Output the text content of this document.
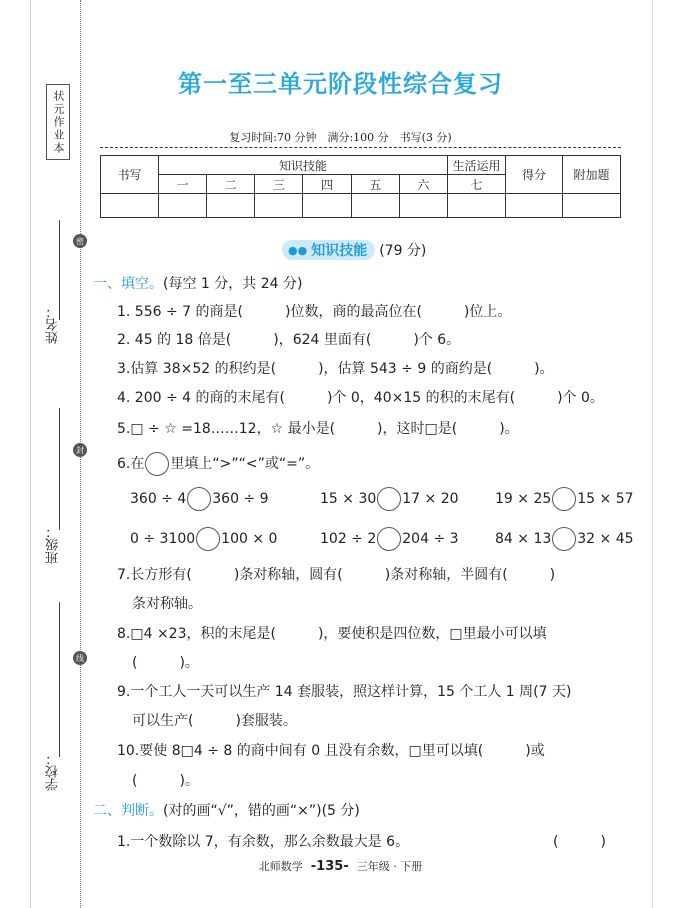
状元作业本
姓名：
班级：
学校：
密
封
线
第一至三单元阶段性综合复习
复习时间:70 分钟　满分:100 分　书写(3 分)
书写	知识技能						生活运用	得分	附加题
	一	二	三	四	五	六	七		

●● 知识技能 (79 分)
一、填空。(每空 1 分，共 24 分)
1. 556 ÷ 7 的商是(　　　)位数，商的最高位在(　　　)位上。
2. 45 的 18 倍是(　　　)，624 里面有(　　　)个 6。
3.估算 38×52 的积约是(　　　)，估算 543 ÷ 9 的商约是(　　　)。
4. 200 ÷ 4 的商的末尾有(　　　)个 0，40×15 的积的末尾有(　　　)个 0。
5.□ ÷ ☆ =18……12，☆ 最小是(　　　)，这时□是(　　　)。
6.在 里填上“>”“<”或“=”。
360 ÷ 4 360 ÷ 9	15 × 30 17 × 20	19 × 25 15 × 57
0 ÷ 3100 100 × 0	102 ÷ 2 204 ÷ 3	84 × 13 32 × 45
7.长方形有(　　　)条对称轴，圆有(　　　)条对称轴，半圆有(　　　)
条对称轴。
8.□4 ×23，积的末尾是(　　　)，要使积是四位数，□里最小可以填
(　　　)。
9.一个工人一天可以生产 14 套服装，照这样计算，15 个工人 1 周(7 天)
可以生产(　　　)套服装。
10.要使 8□4 ÷ 8 的商中间有 0 且没有余数，□里可以填(　　　)或
(　　　)。
二、判断。(对的画“√”，错的画“×”)(5 分)
1.一个数除以 7，有余数，那么余数最大是 6。	(　　　)
北师数学 -135- 三年级 · 下册
